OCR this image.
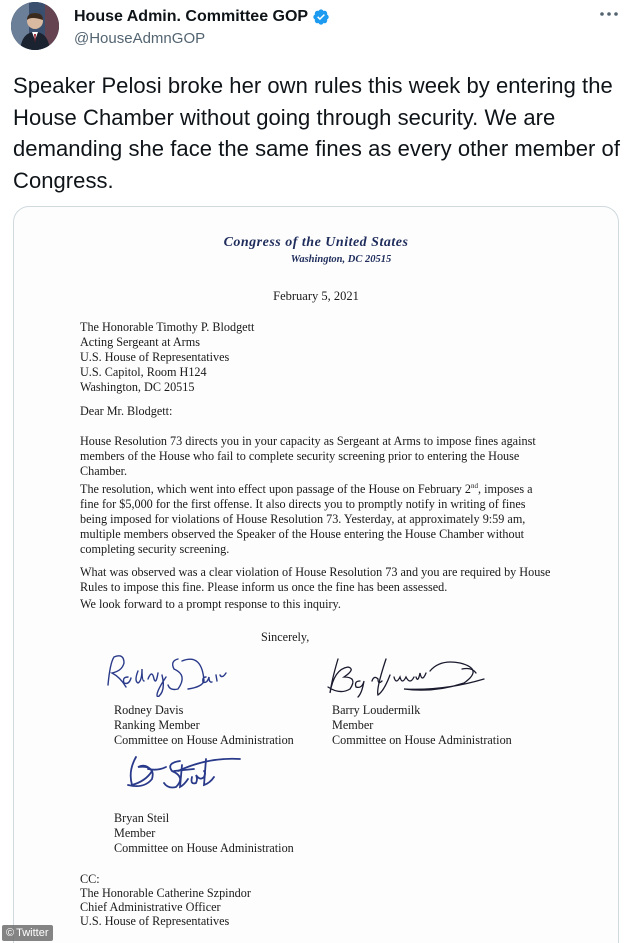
House Admin. Committee GOP
@HouseAdmnGOP
Speaker Pelosi broke her own rules this week by entering the House Chamber without going through security. We are demanding she face the same fines as every other member of Congress.
Congress of the United States
Washington, DC 20515
February 5, 2021
The Honorable Timothy P. Blodgett
Acting Sergeant at Arms
U.S. House of Representatives
U.S. Capitol, Room H124
Washington, DC 20515
Dear Mr. Blodgett:
House Resolution 73 directs you in your capacity as Sergeant at Arms to impose fines against
members of the House who fail to complete security screening prior to entering the House
Chamber.
The resolution, which went into effect upon passage of the House on February 2nd, imposes a
fine for $5,000 for the first offense. It also directs you to promptly notify in writing of fines
being imposed for violations of House Resolution 73. Yesterday, at approximately 9:59 am,
multiple members observed the Speaker of the House entering the House Chamber without
completing security screening.
What was observed was a clear violation of House Resolution 73 and you are required by House
Rules to impose this fine. Please inform us once the fine has been assessed.
We look forward to a prompt response to this inquiry.
Sincerely,
Rodney Davis
Ranking Member
Committee on House Administration
Barry Loudermilk
Member
Committee on House Administration
Bryan Steil
Member
Committee on House Administration
CC:
The Honorable Catherine Szpindor
Chief Administrative Officer
U.S. House of Representatives
© Twitter
